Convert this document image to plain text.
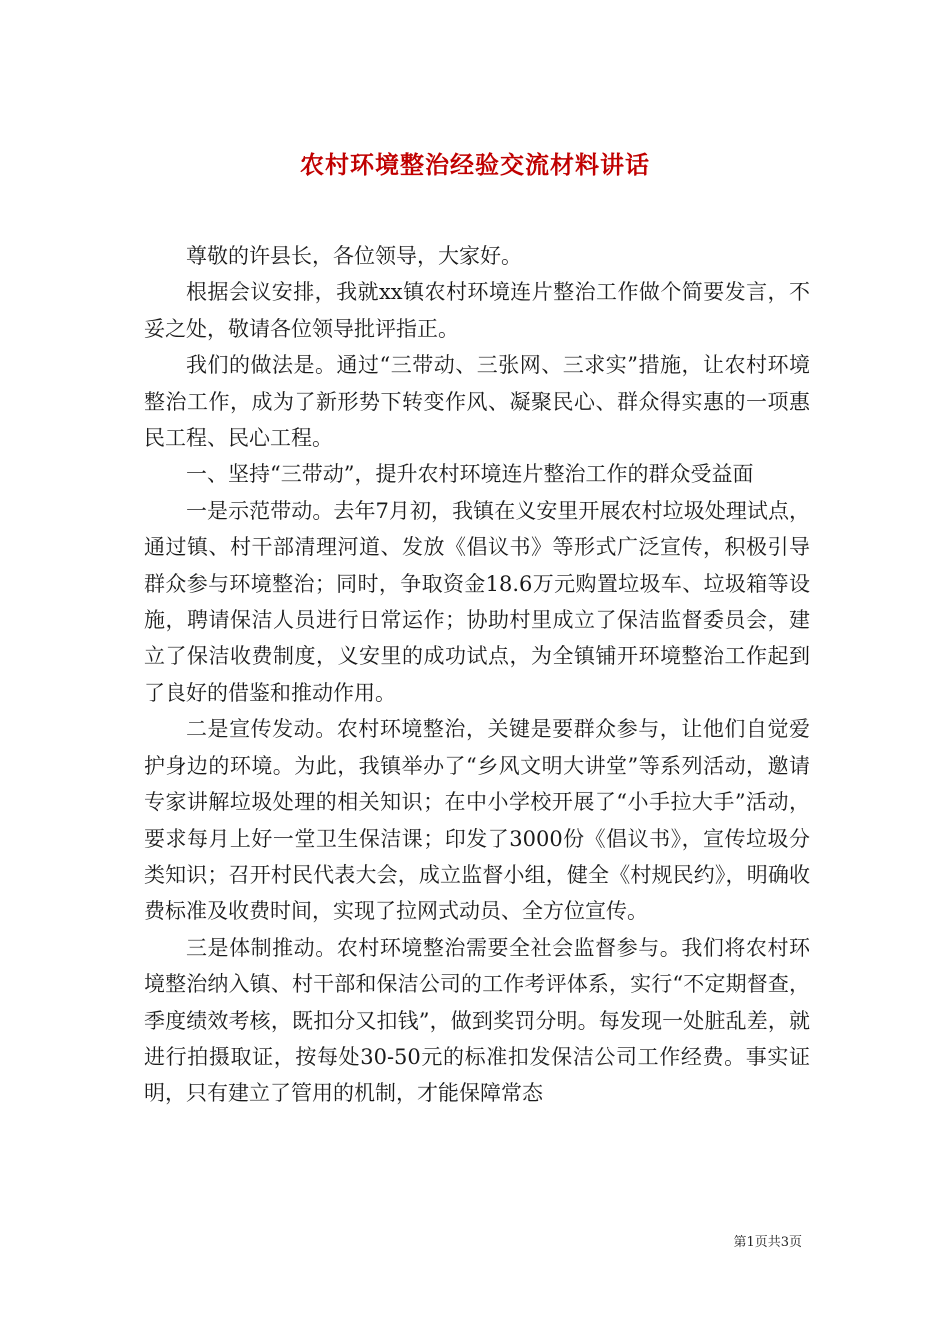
农村环境整治经验交流材料讲话

尊敬的许县长，各位领导，大家好。

根据会议安排，我就xx镇农村环境连片整治工作做个简要发言，不妥之处，敬请各位领导批评指正。

我们的做法是。通过“三带动、三张网、三求实”措施，让农村环境整治工作，成为了新形势下转变作风、凝聚民心、群众得实惠的一项惠民工程、民心工程。

一、坚持“三带动”，提升农村环境连片整治工作的群众受益面

一是示范带动。去年7月初，我镇在义安里开展农村垃圾处理试点，通过镇、村干部清理河道、发放《倡议书》等形式广泛宣传，积极引导群众参与环境整治；同时，争取资金18.6万元购置垃圾车、垃圾箱等设施，聘请保洁人员进行日常运作；协助村里成立了保洁监督委员会，建立了保洁收费制度，义安里的成功试点，为全镇铺开环境整治工作起到了良好的借鉴和推动作用。

二是宣传发动。农村环境整治，关键是要群众参与，让他们自觉爱护身边的环境。为此，我镇举办了“乡风文明大讲堂”等系列活动，邀请专家讲解垃圾处理的相关知识；在中小学校开展了“小手拉大手”活动，要求每月上好一堂卫生保洁课；印发了3000份《倡议书》，宣传垃圾分类知识；召开村民代表大会，成立监督小组，健全《村规民约》，明确收费标准及收费时间，实现了拉网式动员、全方位宣传。

三是体制推动。农村环境整治需要全社会监督参与。我们将农村环境整治纳入镇、村干部和保洁公司的工作考评体系，实行“不定期督查，季度绩效考核，既扣分又扣钱”，做到奖罚分明。每发现一处脏乱差，就进行拍摄取证，按每处30-50元的标准扣发保洁公司工作经费。事实证明，只有建立了管用的机制，才能保障常态

第1页共3页
